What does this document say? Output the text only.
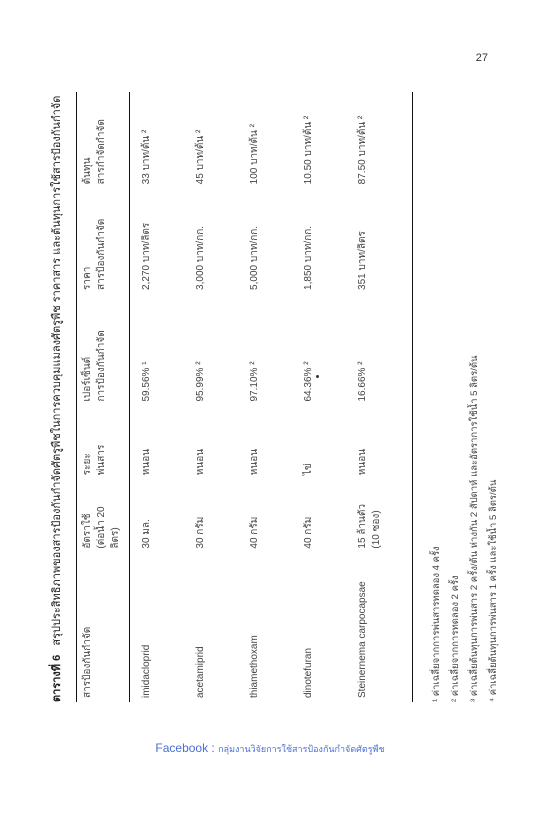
27
ตารางที่ 6   สรุปประสิทธิภาพของสารป้องกันกำจัดศัตรูพืชในการควบคุมแมลงศัตรูพืช ราคาสาร และต้นทุนการใช้สารป้องกันกำจัด
สารป้องกันกำจัด	อัตราใช้ (ต่อน้ำ 20 ลิตร)	ระยะ พ่นสาร	เปอร์เซ็นต์ การป้องกันกำจัด	ราคา สารป้องกันกำจัด	ต้นทุน สารกำจัดกำจัด
imidacloprid	30 มล.	หนอน	59.56% ¹	2,270 บาท/ลิตร	33 บาท/ต้น ²
acetamiprid	30 กรัม	หนอน	95.99% ²	3,000 บาท/กก.	45 บาท/ต้น ²
thiamethoxam	40 กรัม	หนอน	97.10% ²	5,000 บาท/กก.	100 บาท/ต้น ²
dinotefuran	40 กรัม	ไข่	64.36% ²	1,850 บาท/กก.	10.50 บาท/ต้น ²
Steinernema carpocapsae	15 ล้านตัว (10 ซอง)	หนอน	16.66% ²	351 บาท/ลิตร	87.50 บาท/ต้น ²
¹ ค่าเฉลี่ยจากการพ่นสารทดลอง 4 ครั้ง ² ค่าเฉลี่ยจากการทดลอง 2 ครั้ง ³ ค่าเฉลี่ยต้นทุนการพ่นสาร 2 ครั้ง/ต้น ห่างกัน 2 สัปดาห์ และอัตราการใช้น้ำ 5 ลิตร/ต้น ⁴ ค่าเฉลี่ยต้นทุนการพ่นสาร 1 ครั้ง และใช้น้ำ 5 ลิตร/ต้น
Facebook : กลุ่มงานวิจัยการใช้สารป้องกันกำจัดศัตรูพืช
